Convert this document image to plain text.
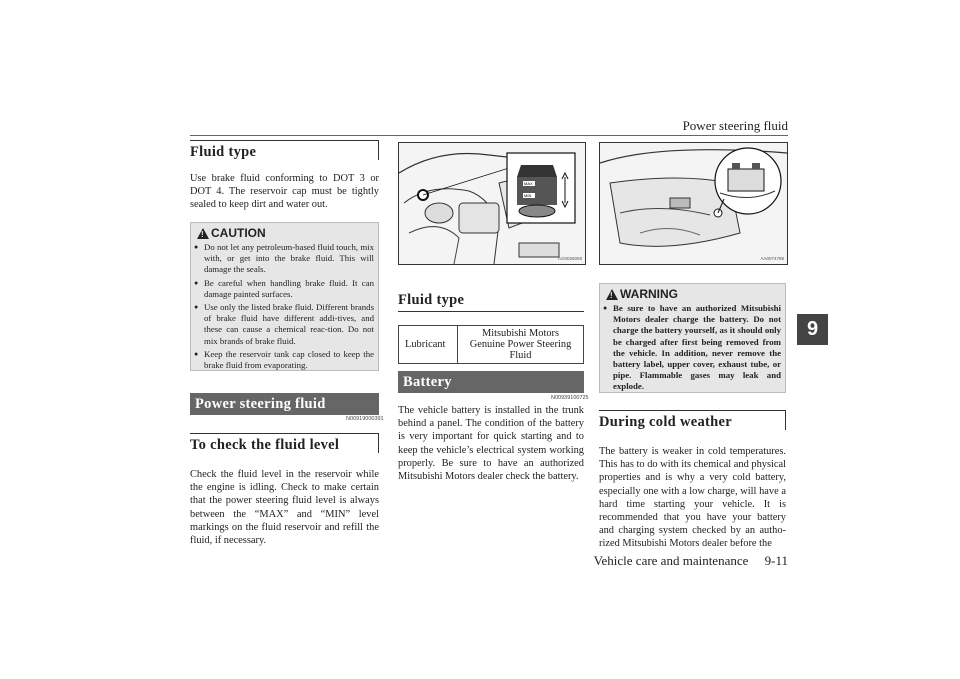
Power steering fluid
9
Fluid type
Use brake fluid conforming to DOT 3 or DOT 4. The reservoir cap must be tightly sealed to keep dirt and water out.
!
CAUTION
● Do not let any petroleum-based fluid touch, mix with, or get into the brake fluid. This will damage the seals.
● Be careful when handling brake fluid. It can damage painted surfaces.
● Use only the listed brake fluid. Different brands of brake fluid have different addi-tives, and these can cause a chemical reac-tion. Do not mix brands of brake fluid.
● Keep the reservoir tank cap closed to keep the brake fluid from evaporating.
Power steering fluid
N00919000391
To check the fluid level
Check the fluid level in the reservoir while the engine is idling. Check to make certain that the power steering fluid level is always between the “MAX” and “MIN” level markings on the fluid reservoir and refill the fluid, if necessary.
MAX
MIN
AG0026059
Fluid type
Lubricant	Mitsubishi Motors Genuine Power Steering Fluid
Battery
N00939100725
The vehicle battery is installed in the trunk behind a panel. The condition of the battery is very important for quick starting and to keep the vehicle’s electrical system working properly. Be sure to have an authorized Mitsubishi Motors dealer check the battery.
AA0074788
!
WARNING
● Be sure to have an authorized Mitsubishi Motors dealer charge the battery. Do not charge the battery yourself, as it should only be charged after first being removed from the vehicle. In addition, never remove the battery label, upper cover, exhaust tube, or pipe. Flammable gases may leak and explode.
During cold weather
The battery is weaker in cold temperatures. This has to do with its chemical and physical properties and is why a very cold battery, especially one with a low charge, will have a hard time starting your vehicle. It is recommended that you have your battery and charging system checked by an autho-rized Mitsubishi Motors dealer before the
Vehicle care and maintenance 9-11
